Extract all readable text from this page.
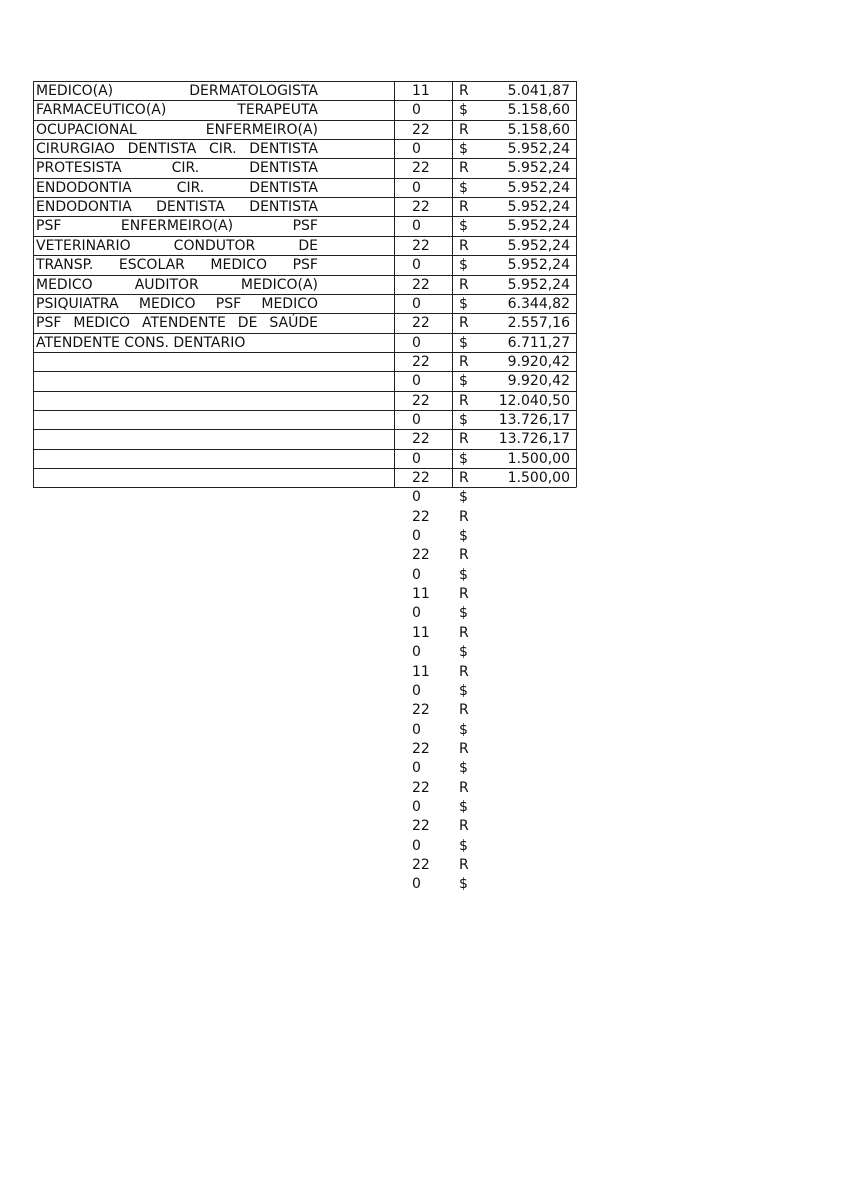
MEDICO(A) DERMATOLOGISTA
FARMACEUTICO(A) TERAPEUTA
OCUPACIONAL ENFERMEIRO(A)
CIRURGIAO DENTISTA CIR. DENTISTA
PROTESISTA CIR. DENTISTA
ENDODONTIA CIR. DENTISTA
ENDODONTIA DENTISTA DENTISTA
PSF ENFERMEIRO(A) PSF
VETERINARIO CONDUTOR DE
TRANSP. ESCOLAR MEDICO PSF
MEDICO AUDITOR MEDICO(A)
PSIQUIATRA MEDICO PSF MEDICO
PSF MEDICO ATENDENTE DE SAÚDE
ATENDENTE CONS. DENTARIO
11
0
22
0
22
0
22
0
22
0
22
0
22
0
22
0
22
0
22
0
22
0
22
0
22
0
11
0
11
0
11
0
22
0
22
0
22
0
22
0
22
0
R
$
R
$
R
$
R
$
R
$
R
$
R
$
R
$
R
$
R
$
R
$
R
$
R
$
R
$
R
$
R
$
R
$
R
$
R
$
R
$
R
$
5.041,87
5.158,60
5.158,60
5.952,24
5.952,24
5.952,24
5.952,24
5.952,24
5.952,24
5.952,24
5.952,24
6.344,82
2.557,16
6.711,27
9.920,42
9.920,42
12.040,50
13.726,17
13.726,17
1.500,00
1.500,00
